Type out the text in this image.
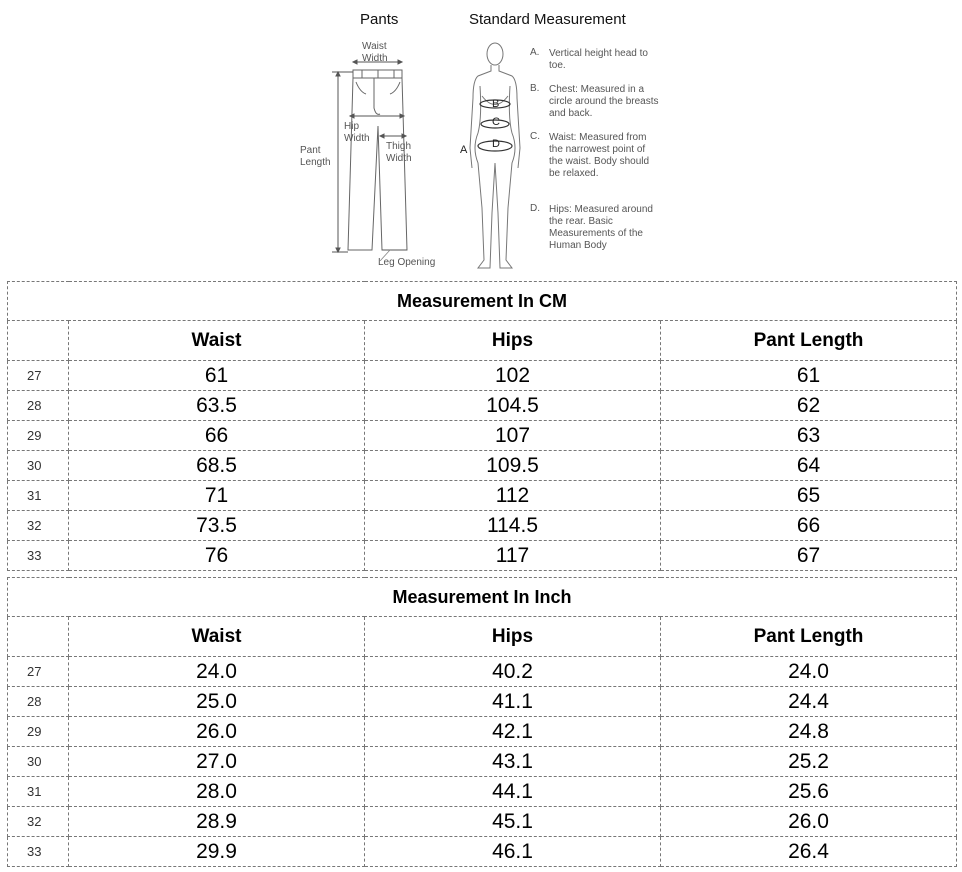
Pants	Standard Measurement
Waist
Width
Hip
Width
Pant
Length
Thigh
Width
Leg Opening
B
C
D
A
A. Vertical height head to toe.
B. Chest: Measured in a circle around the breasts and back.
C. Waist: Measured from the narrowest point of the waist. Body should be relaxed.
D. Hips: Measured around the rear. Basic Measurements of the Human Body
Measurement In CM			
	Waist	Hips	Pant Length
27	61	102	61
28	63.5	104.5	62
29	66	107	63
30	68.5	109.5	64
31	71	112	65
32	73.5	114.5	66
33	76	117	67
Measurement In Inch			
	Waist	Hips	Pant Length
27	24.0	40.2	24.0
28	25.0	41.1	24.4
29	26.0	42.1	24.8
30	27.0	43.1	25.2
31	28.0	44.1	25.6
32	28.9	45.1	26.0
33	29.9	46.1	26.4
